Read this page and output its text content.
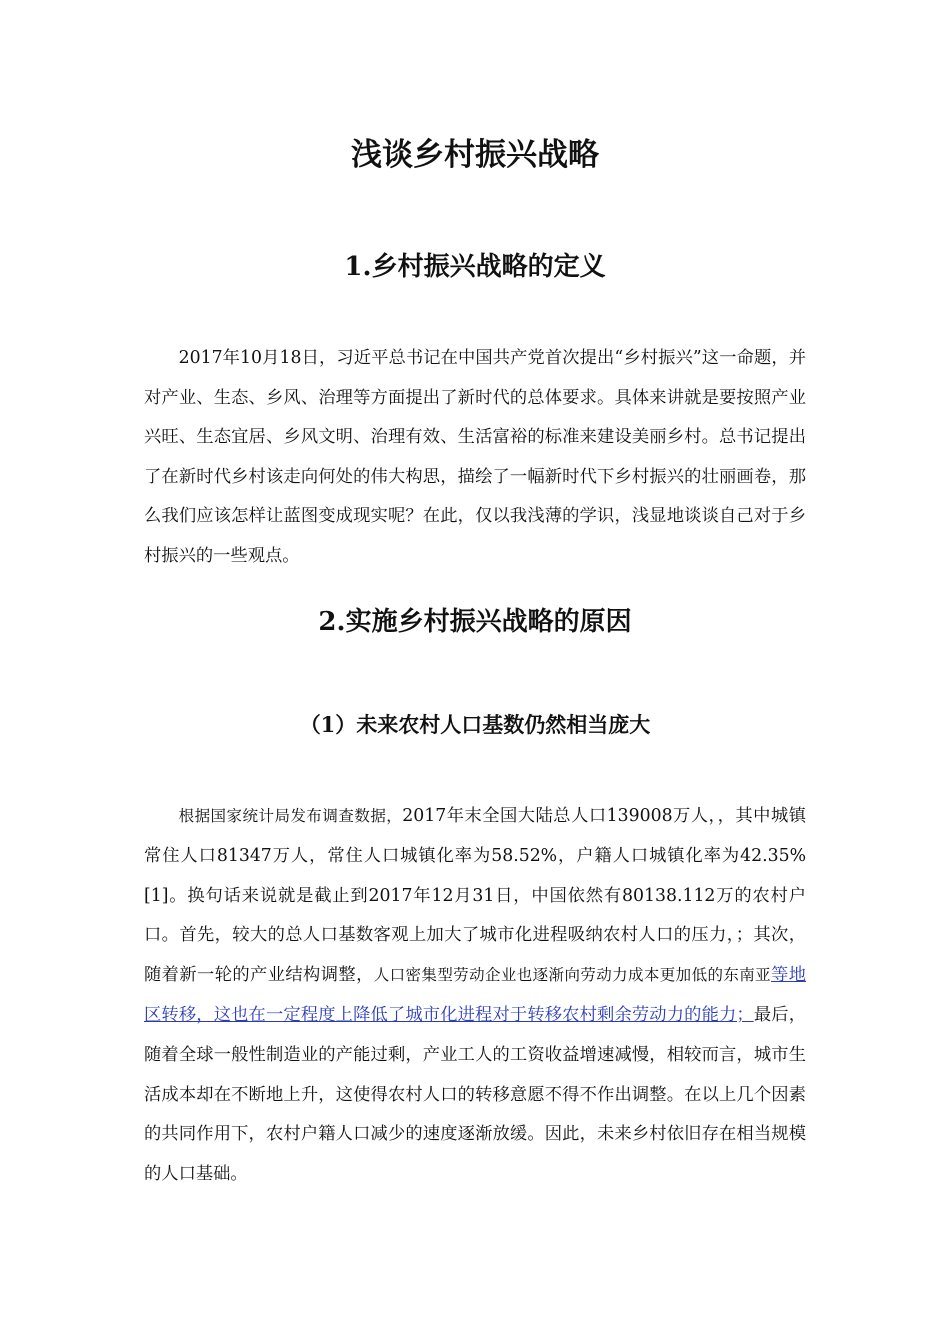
浅谈乡村振兴战略
1.乡村振兴战略的定义

2017年10月18日，习近平总书记在中国共产党首次提出“乡村振兴”这一命题，并对产业、生态、乡风、治理等方面提出了新时代的总体要求。具体来讲就是要按照产业兴旺、生态宜居、乡风文明、治理有效、生活富裕的标准来建设美丽乡村。总书记提出了在新时代乡村该走向何处的伟大构思，描绘了一幅新时代下乡村振兴的壮丽画卷，那么我们应该怎样让蓝图变成现实呢？在此，仅以我浅薄的学识，浅显地谈谈自己对于乡村振兴的一些观点。

2.实施乡村振兴战略的原因
（1）未来农村人口基数仍然相当庞大

根据国家统计局发布调查数据，2017年末全国大陆总人口139008万人，，其中城镇常住人口81347万人，常住人口城镇化率为58.52%，户籍人口城镇化率为42.35%[1]。换句话来说就是截止到2017年12月31日，中国依然有80138.112万的农村户口。首先，较大的总人口基数客观上加大了城市化进程吸纳农村人口的压力，；其次，随着新一轮的产业结构调整，人口密集型劳动企业也逐渐向劳动力成本更加低的东南亚等地区转移，这也在一定程度上降低了城市化进程对于转移农村剩余劳动力的能力；最后，随着全球一般性制造业的产能过剩，产业工人的工资收益增速减慢，相较而言，城市生活成本却在不断地上升，这使得农村人口的转移意愿不得不作出调整。在以上几个因素的共同作用下，农村户籍人口减少的速度逐渐放缓。因此，未来乡村依旧存在相当规模的人口基础。
